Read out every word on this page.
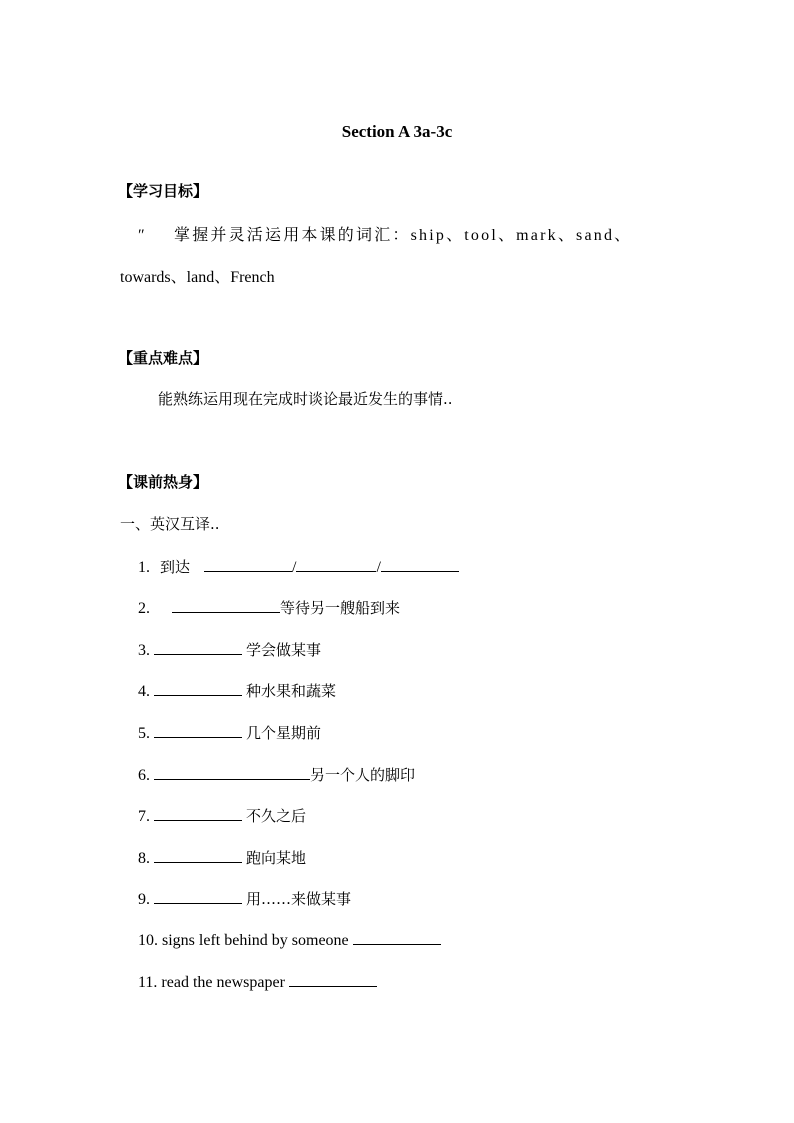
Section A 3a-3c
【学习目标】
″ 掌握并灵活运用本课的词汇：ship、tool、mark、sand、
towards、land、French
【重点难点】
能熟练运用现在完成时谈论最近发生的事情..
【课前热身】
一、英汉互译..
1. 到达	/	/
2.	等待另一艘船到来
3.	学会做某事
4.	种水果和蔬菜
5.	几个星期前
6.	另一个人的脚印
7.	不久之后
8.	跑向某地
9.	用……来做某事
10. signs left behind by someone
11. read the newspaper
